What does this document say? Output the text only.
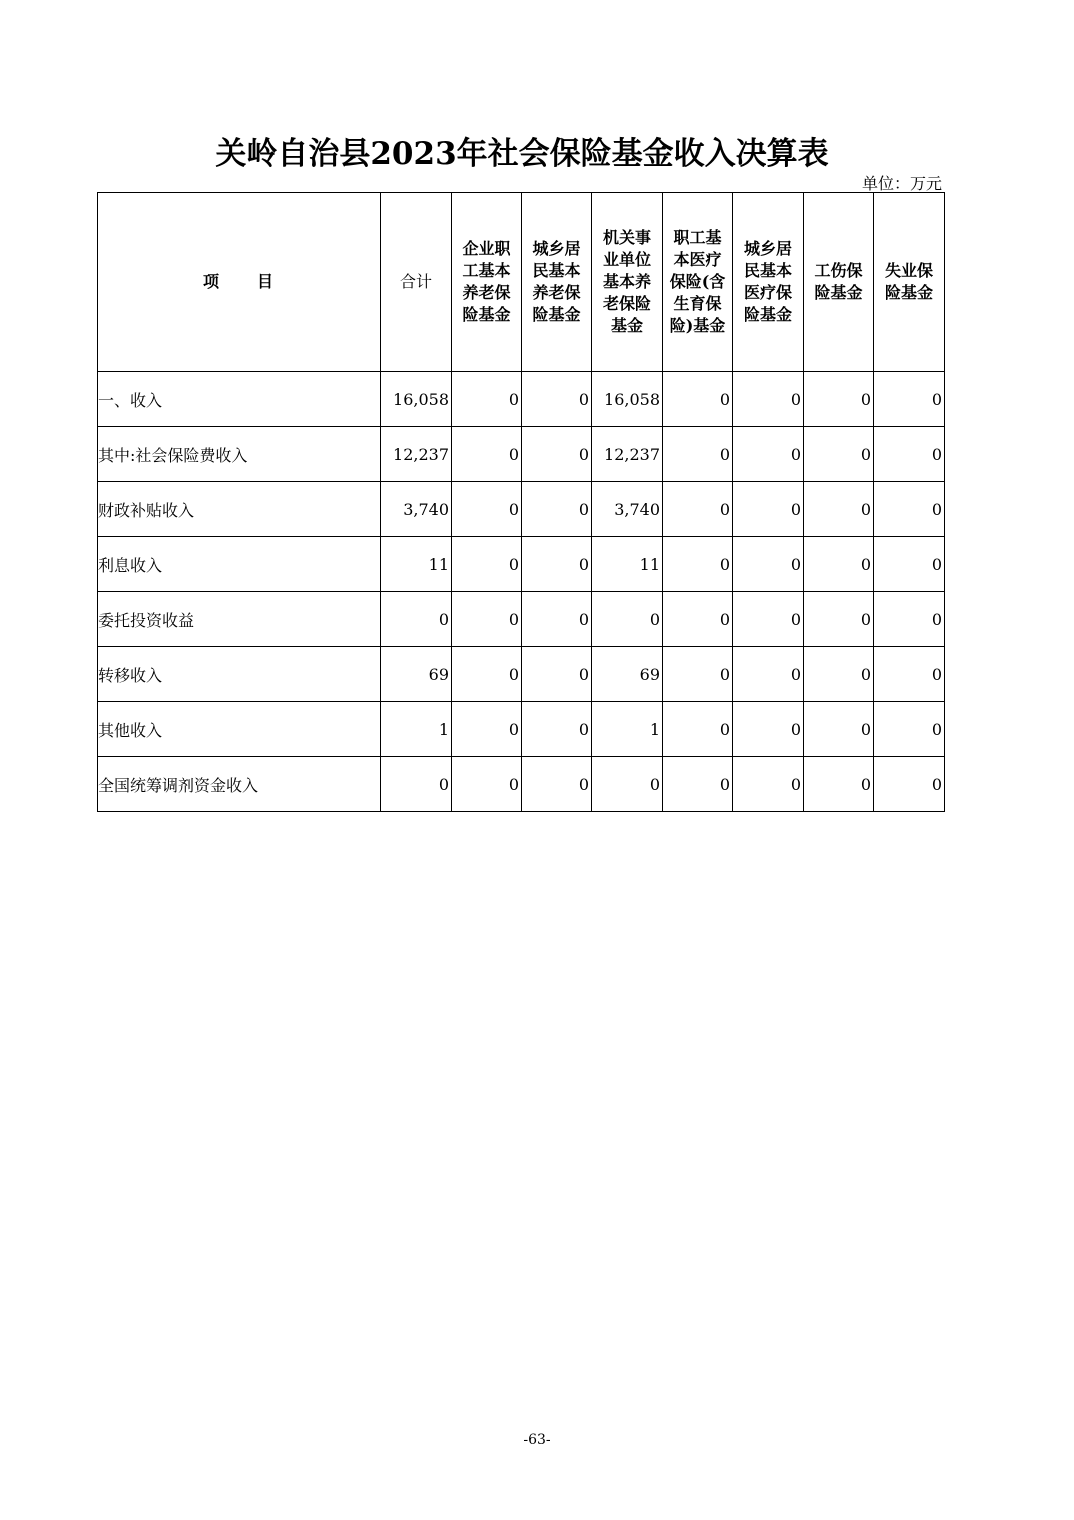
关岭自治县2023年社会保险基金收入决算表
单位：万元
项 目	合计	企业职工基本养老保险基金	城乡居民基本养老保险基金	机关事业单位基本养老保险基金	职工基本医疗保险(含生育保险)基金	城乡居民基本医疗保险基金	工伤保险基金	失业保险基金
一、收入	16,058	0	0	16,058	0	0	0	0
其中:社会保险费收入	12,237	0	0	12,237	0	0	0	0
财政补贴收入	3,740	0	0	3,740	0	0	0	0
利息收入	11	0	0	11	0	0	0	0
委托投资收益	0	0	0	0	0	0	0	0
转移收入	69	0	0	69	0	0	0	0
其他收入	1	0	0	1	0	0	0	0
全国统筹调剂资金收入	0	0	0	0	0	0	0	0
-63-
